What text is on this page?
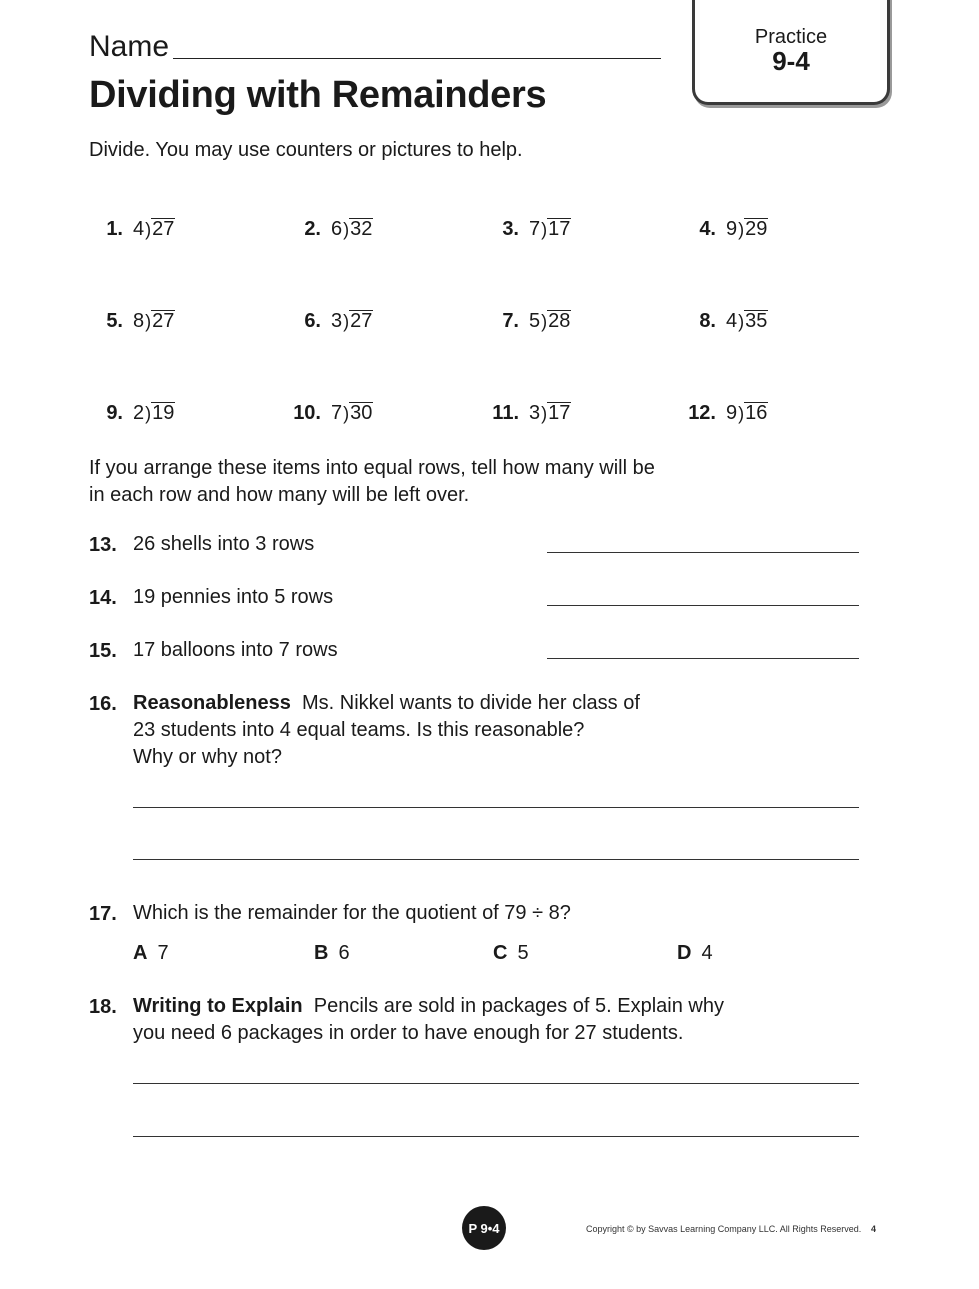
Name
Dividing with Remainders
Practice
9-4
Divide. You may use counters or pictures to help.
1. 4)27	2. 6)32	3. 7)17	4. 9)29
5. 8)27	6. 3)27	7. 5)28	8. 4)35
9. 2)19	10. 7)30	11. 3)17	12. 9)16
If you arrange these items into equal rows, tell how many will be
in each row and how many will be left over.
13. 26 shells into 3 rows
14. 19 pennies into 5 rows
15. 17 balloons into 7 rows
16. Reasonableness Ms. Nikkel wants to divide her class of
23 students into 4 equal teams. Is this reasonable?
Why or why not?
17. Which is the remainder for the quotient of 79 ÷ 8?
A 7	B 6	C 5	D 4
18. Writing to Explain Pencils are sold in packages of 5. Explain why
you need 6 packages in order to have enough for 27 students.
P 9•4	Copyright © by Savvas Learning Company LLC. All Rights Reserved. 4
